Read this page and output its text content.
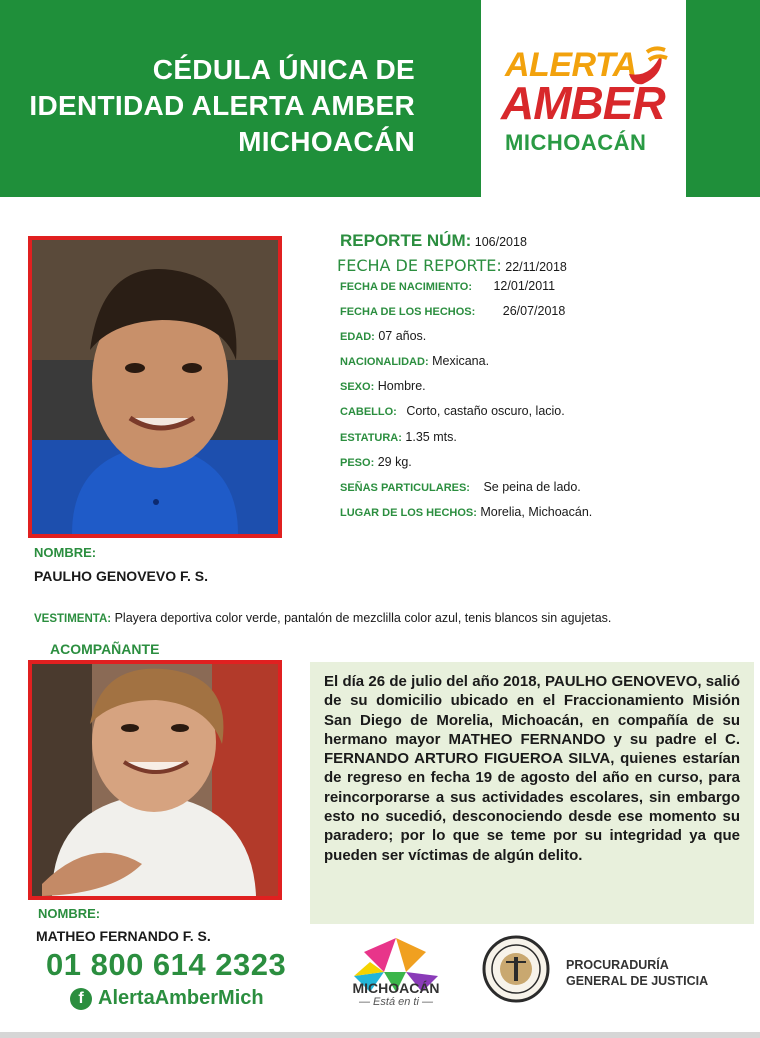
CÉDULA ÚNICA DE
IDENTIDAD ALERTA AMBER
MICHOACÁN
ALERTA
AMBER
MICHOACÁN
REPORTE NÚM: 106/2018
FECHA DE REPORTE: 22/11/2018
FECHA DE NACIMIENTO: 12/01/2011
FECHA DE LOS HECHOS: 26/07/2018
EDAD: 07 años.
NACIONALIDAD: Mexicana.
SEXO: Hombre.
CABELLO: Corto, castaño oscuro, lacio.
ESTATURA: 1.35 mts.
PESO: 29 kg.
SEÑAS PARTICULARES: Se peina de lado.
LUGAR DE LOS HECHOS: Morelia, Michoacán.
NOMBRE:
PAULHO GENOVEVO F. S.
VESTIMENTA: Playera deportiva color verde, pantalón de mezclilla color azul, tenis blancos sin agujetas.
ACOMPAÑANTE
El día 26 de julio del año 2018, PAULHO GENOVEVO, salió de su domicilio ubicado en el Fraccionamiento Misión San Diego de Morelia, Michoacán, en compañía de su hermano mayor MATHEO FERNANDO y su padre el C. FERNANDO ARTURO FIGUEROA SILVA, quienes estarían de regreso en fecha 19 de agosto del año en curso, para reincorporarse a sus actividades escolares, sin embargo esto no sucedió, desconociendo desde ese momento su paradero; por lo que se teme por su integridad ya que pueden ser víctimas de algún delito.
NOMBRE:
MATHEO FERNANDO F. S.
01 800 614 2323
f AlertaAmberMich	MICHOACÁN
— Está en ti —
PROCURADURÍA
GENERAL DE JUSTICIA
